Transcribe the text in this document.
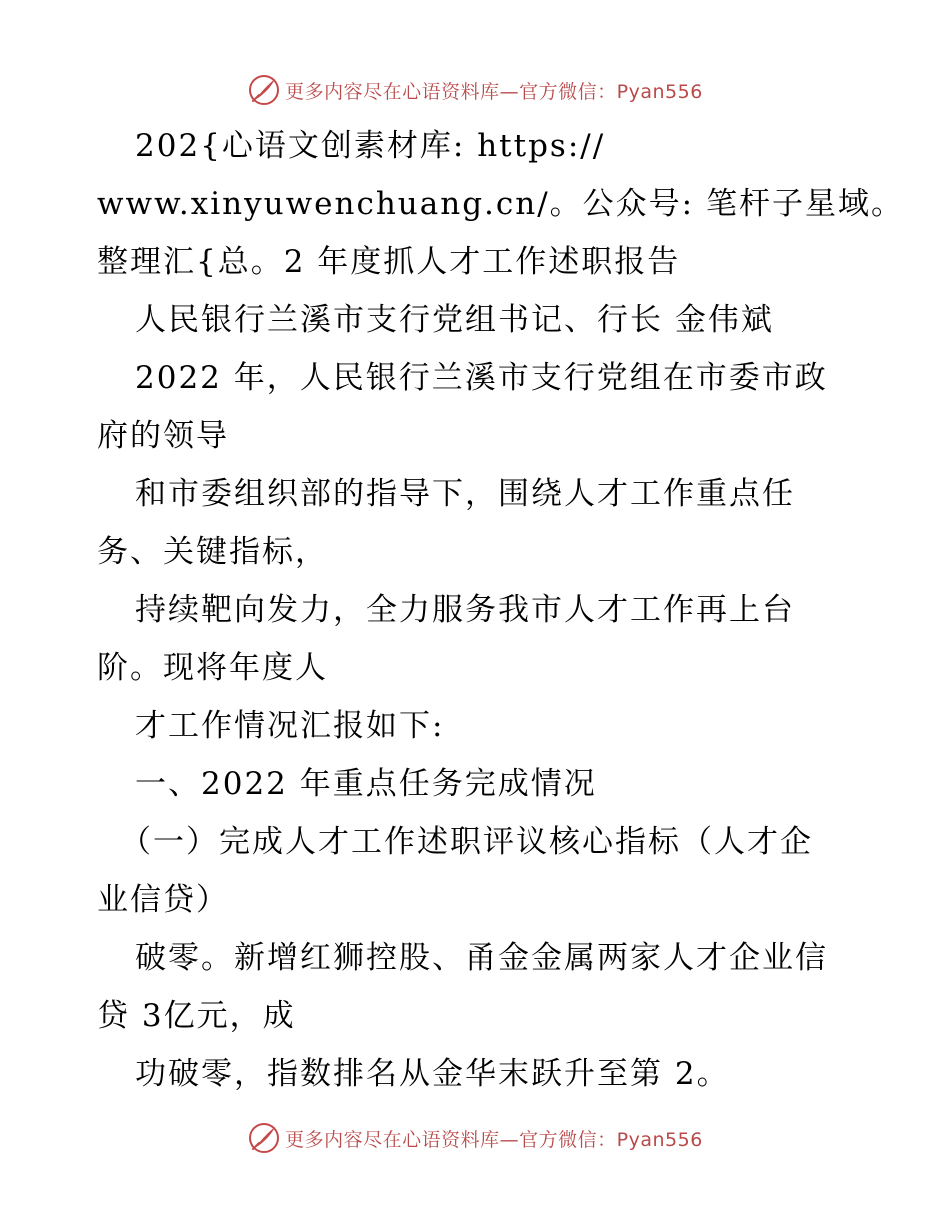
更多内容尽在心语资料库—官方微信：Pyan556
202{心语文创素材库: https://
www.xinyuwenchuang.cn/。公众号: 笔杆子星域。
整理汇{总。2 年度抓人才工作述职报告
人民银行兰溪市支行党组书记、行长 金伟斌
2022 年，人民银行兰溪市支行党组在市委市政
府的领导
和市委组织部的指导下，围绕人才工作重点任
务、关键指标，
持续靶向发力，全力服务我市人才工作再上台
阶。现将年度人
才工作情况汇报如下:
一、2022 年重点任务完成情况
（一）完成人才工作述职评议核心指标（人才企
业信贷）
破零。新增红狮控股、甬金金属两家人才企业信
贷 3亿元，成
功破零，指数排名从金华末跃升至第 2。
更多内容尽在心语资料库—官方微信：Pyan556
